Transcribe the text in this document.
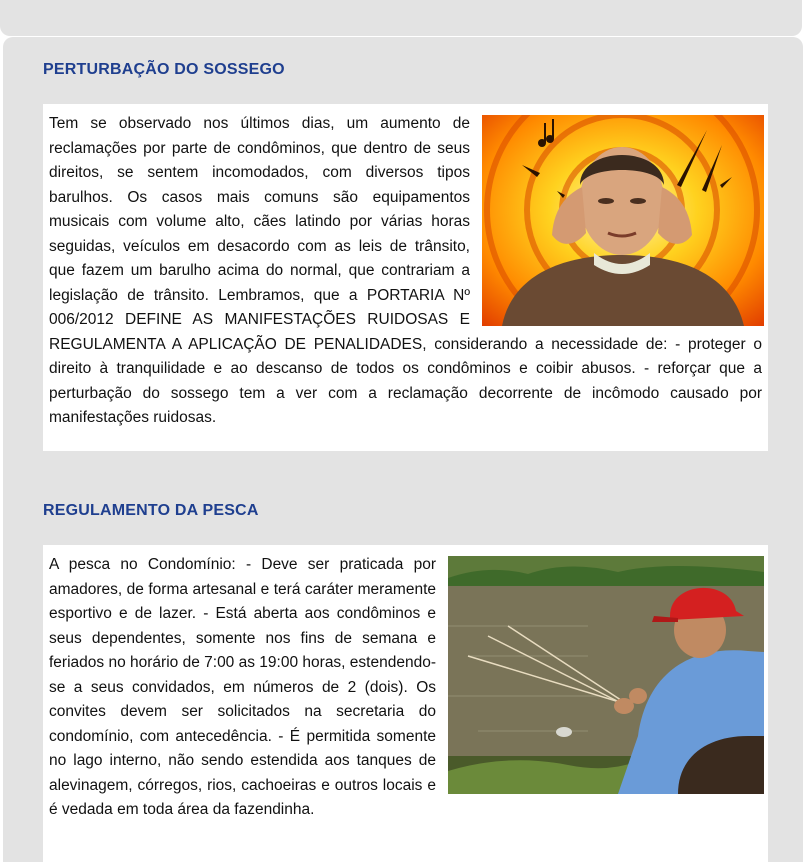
PERTURBAÇÃO DO SOSSEGO

Tem se observado nos últimos dias, um aumento de reclamações por parte de condôminos, que dentro de seus direitos, se sentem incomodados, com diversos tipos barulhos. Os casos mais comuns são equipamentos musicais com volume alto, cães latindo por várias horas seguidas, veículos em desacordo com as leis de trânsito, que fazem um barulho acima do normal, que contrariam a legislação de trânsito. Lembramos, que a PORTARIA Nº 006/2012 DEFINE AS MANIFESTAÇÕES RUIDOSAS E REGULAMENTA A APLICAÇÃO DE PENALIDADES, considerando a necessidade de: - proteger o direito à tranquilidade e ao descanso de todos os condôminos e coibir abusos. - reforçar que a perturbação do sossego tem a ver com a reclamação decorrente de incômodo causado por manifestações ruidosas.

REGULAMENTO DA PESCA

A pesca no Condomínio: - Deve ser praticada por amadores, de forma artesanal e terá caráter meramente esportivo e de lazer. - Está aberta aos condôminos e seus dependentes, somente nos fins de semana e feriados no horário de 7:00 as 19:00 horas, estendendo-se a seus convidados, em números de 2 (dois). Os convites devem ser solicitados na secretaria do condomínio, com antecedência. - É permitida somente no lago interno, não sendo estendida aos tanques de alevinagem, córregos, rios, cachoeiras e outros locais e é vedada em toda área da fazendinha.
